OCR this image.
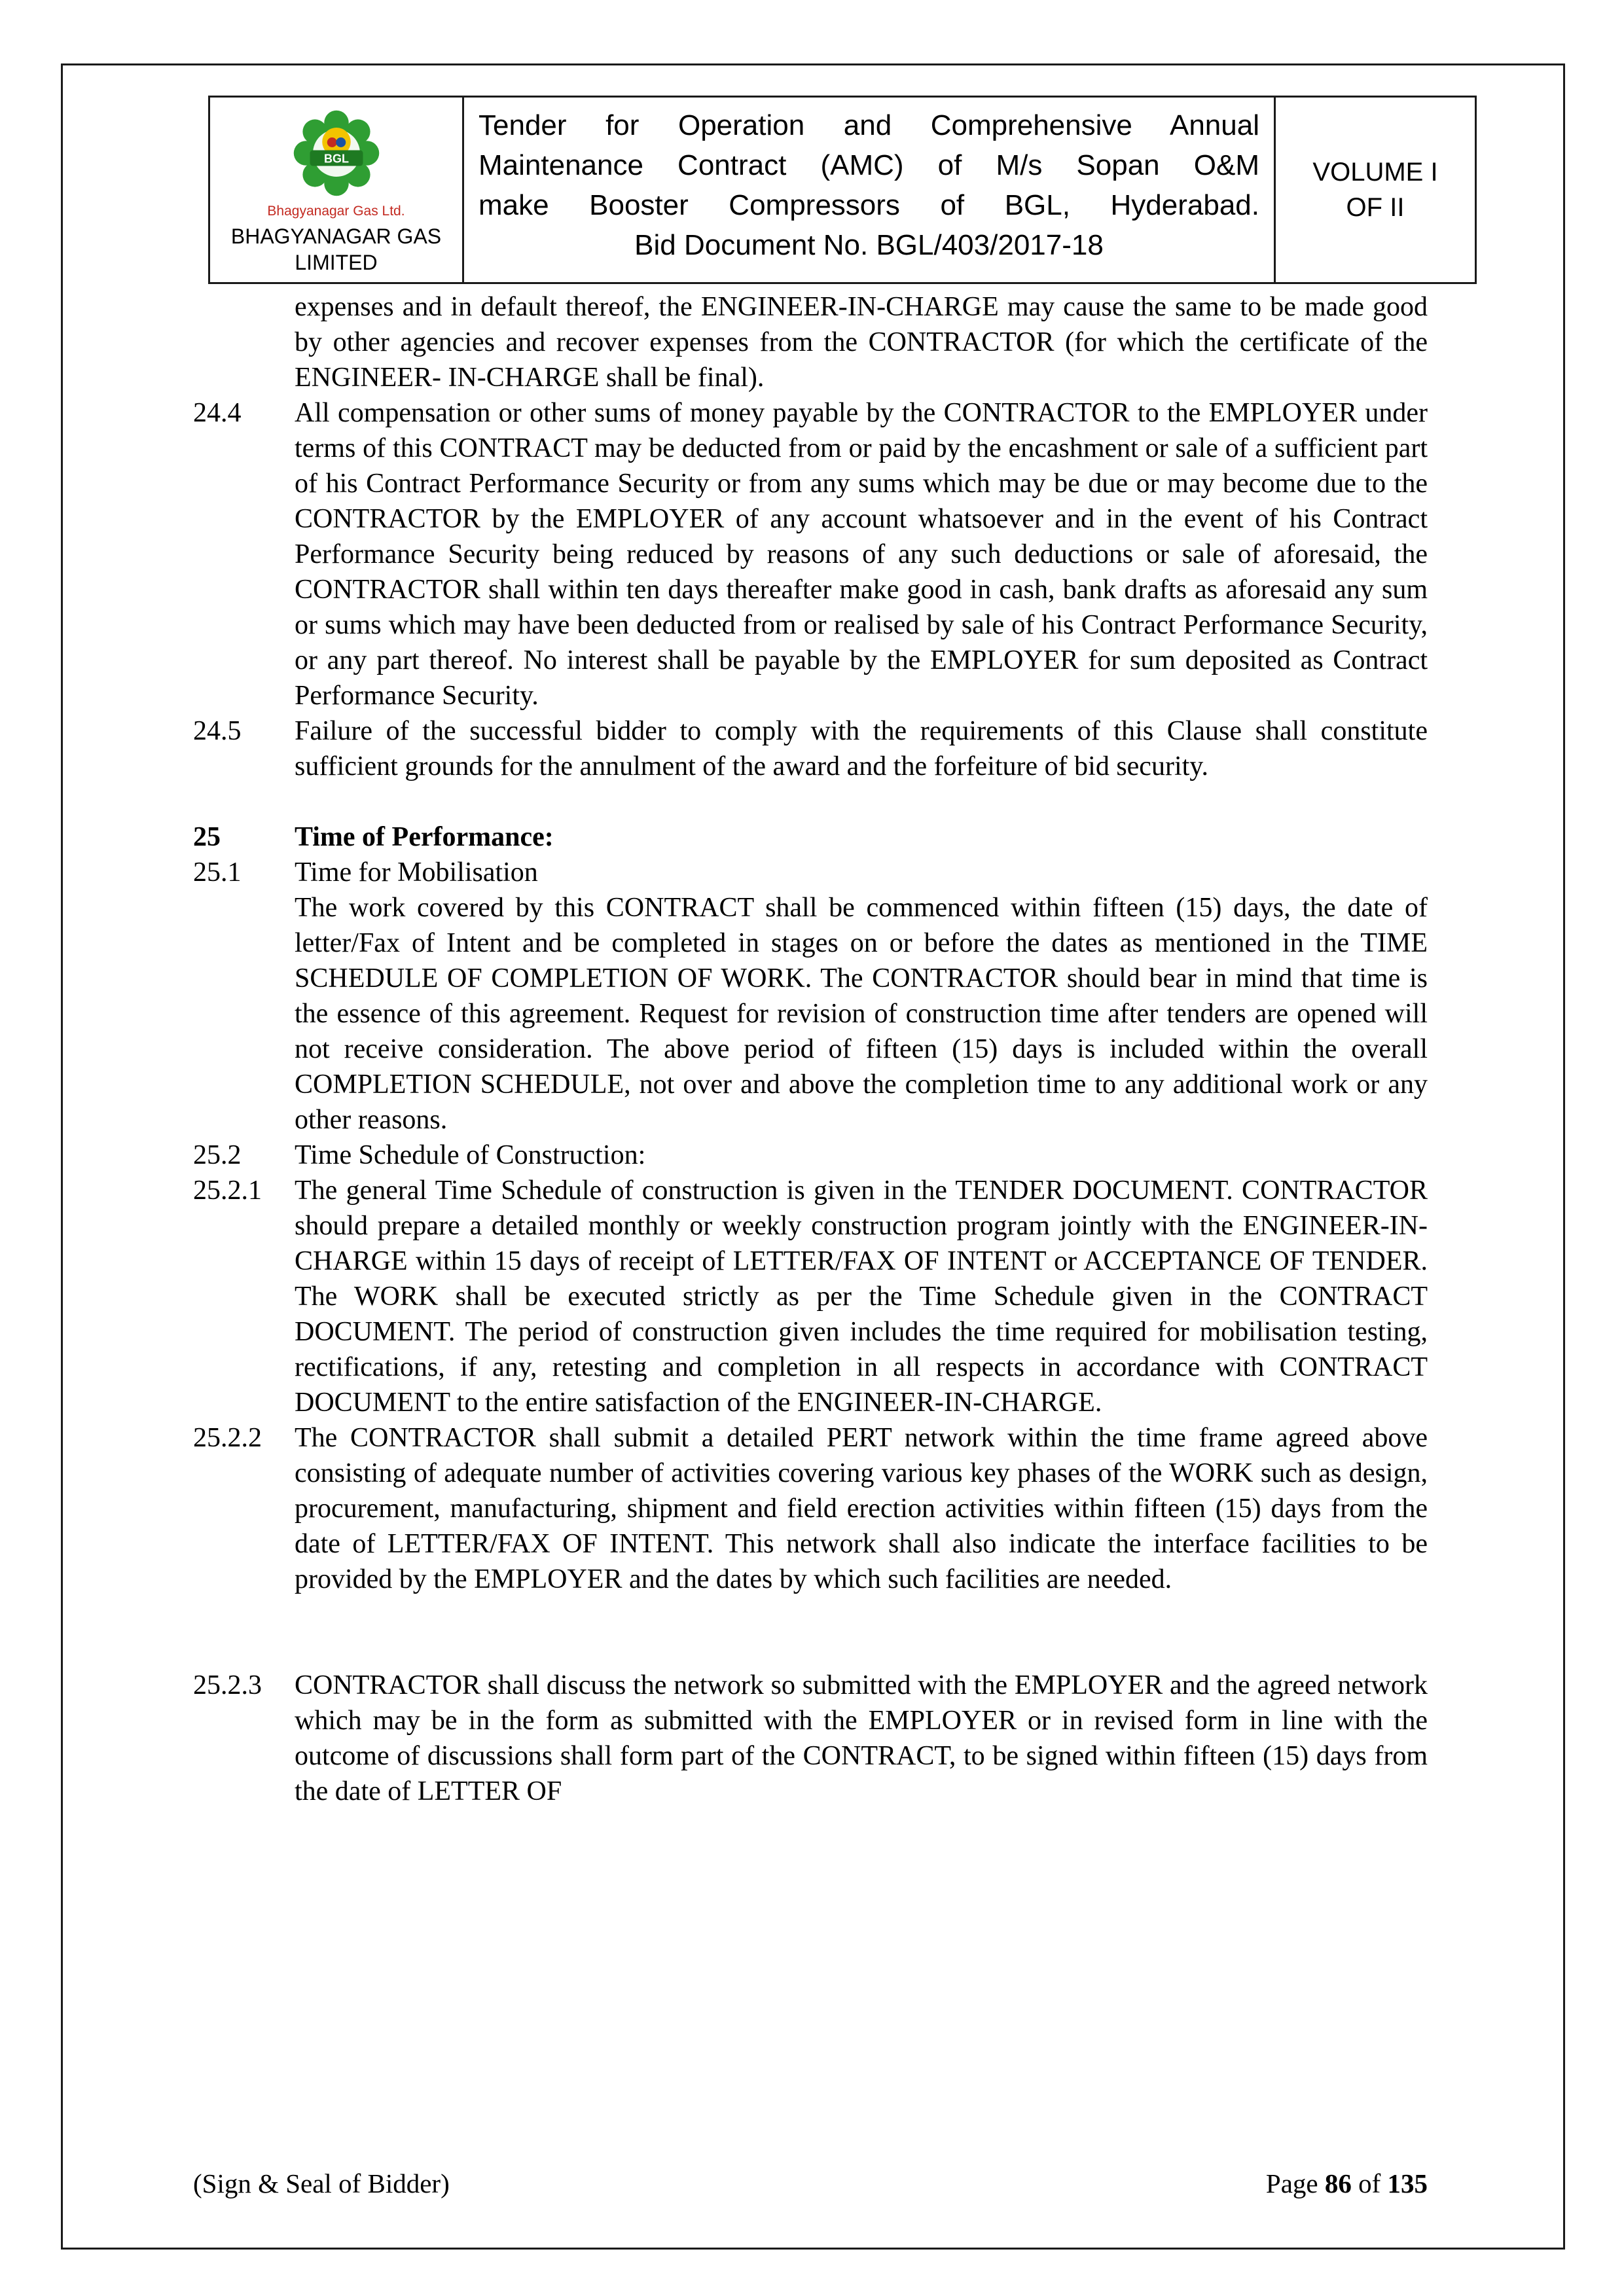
BGL
Bhagyanagar Gas Ltd.
BHAGYANAGAR GAS LIMITED
Tender for Operation and Comprehensive Annual
Maintenance Contract (AMC) of M/s Sopan O&M
make Booster Compressors of BGL, Hyderabad.
Bid Document No. BGL/403/2017-18
VOLUME I
OF II
expenses and in default thereof, the ENGINEER-IN-CHARGE may cause the same to be made good by other agencies and recover expenses from the CONTRACTOR (for which the certificate of the ENGINEER- IN-CHARGE shall be final).
24.4 All compensation or other sums of money payable by the CONTRACTOR to the EMPLOYER under terms of this CONTRACT may be deducted from or paid by the encashment or sale of a sufficient part of his Contract Performance Security or from any sums which may be due or may become due to the CONTRACTOR by the EMPLOYER of any account whatsoever and in the event of his Contract Performance Security being reduced by reasons of any such deductions or sale of aforesaid, the CONTRACTOR shall within ten days thereafter make good in cash, bank drafts as aforesaid any sum or sums which may have been deducted from or realised by sale of his Contract Performance Security, or any part thereof. No interest shall be payable by the EMPLOYER for sum deposited as Contract Performance Security.
24.5 Failure of the successful bidder to comply with the requirements of this Clause shall constitute sufficient grounds for the annulment of the award and the forfeiture of bid security.
25	Time of Performance:
25.1 Time for Mobilisation
The work covered by this CONTRACT shall be commenced within fifteen (15) days, the date of letter/Fax of Intent and be completed in stages on or before the dates as mentioned in the TIME SCHEDULE OF COMPLETION OF WORK. The CONTRACTOR should bear in mind that time is the essence of this agreement. Request for revision of construction time after tenders are opened will not receive consideration. The above period of fifteen (15) days is included within the overall COMPLETION SCHEDULE, not over and above the completion time to any additional work or any other reasons.
25.2 Time Schedule of Construction:
25.2.1 The general Time Schedule of construction is given in the TENDER DOCUMENT. CONTRACTOR should prepare a detailed monthly or weekly construction program jointly with the ENGINEER-IN-CHARGE within 15 days of receipt of LETTER/FAX OF INTENT or ACCEPTANCE OF TENDER. The WORK shall be executed strictly as per the Time Schedule given in the CONTRACT DOCUMENT. The period of construction given includes the time required for mobilisation testing, rectifications, if any, retesting and completion in all respects in accordance with CONTRACT DOCUMENT to the entire satisfaction of the ENGINEER-IN-CHARGE.
25.2.2 The CONTRACTOR shall submit a detailed PERT network within the time frame agreed above consisting of adequate number of activities covering various key phases of the WORK such as design, procurement, manufacturing, shipment and field erection activities within fifteen (15) days from the date of LETTER/FAX OF INTENT. This network shall also indicate the interface facilities to be provided by the EMPLOYER and the dates by which such facilities are needed.
25.2.3 CONTRACTOR shall discuss the network so submitted with the EMPLOYER and the agreed network which may be in the form as submitted with the EMPLOYER or in revised form in line with the outcome of discussions shall form part of the CONTRACT, to be signed within fifteen (15) days from the date of LETTER OF
(Sign & Seal of Bidder)	Page 86 of 135
